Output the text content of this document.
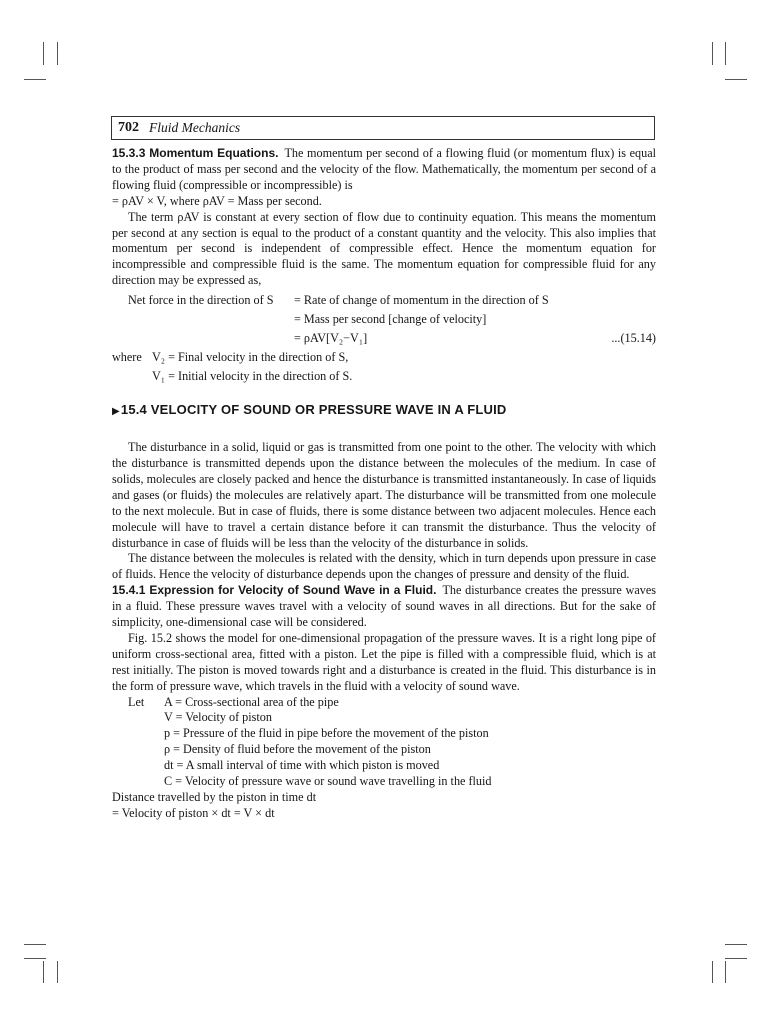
702 Fluid Mechanics

15.3.3 Momentum Equations. The momentum per second of a flowing fluid (or momentum flux) is equal to the product of mass per second and the velocity of the flow. Mathematically, the momentum per second of a flowing fluid (compressible or incompressible) is

= ρAV × V, where ρAV = Mass per second.

The term ρAV is constant at every section of flow due to continuity equation. This means the momentum per second at any section is equal to the product of a constant quantity and the velocity. This also implies that momentum per second is independent of compressible effect. Hence the momentum equation for incompressible and compressible fluid is the same. The momentum equation for compressible fluid for any direction may be expressed as,

Net force in the direction of S = Rate of change of momentum in the direction of S
= Mass per second [change of velocity]
= ρAV[V₂−V₁]	...(15.14)
where V₂ = Final velocity in the direction of S,
V₁ = Initial velocity in the direction of S.
▶15.4 VELOCITY OF SOUND OR PRESSURE WAVE IN A FLUID

The disturbance in a solid, liquid or gas is transmitted from one point to the other. The velocity with which the disturbance is transmitted depends upon the distance between the molecules of the medium. In case of solids, molecules are closely packed and hence the disturbance is transmitted instantaneously. In case of liquids and gases (or fluids) the molecules are relatively apart. The disturbance will be transmitted from one molecule to the next molecule. But in case of fluids, there is some distance between two adjacent molecules. Hence each molecule will have to travel a certain distance before it can transmit the disturbance. Thus the velocity of disturbance in case of fluids will be less than the velocity of the disturbance in solids.

The distance between the molecules is related with the density, which in turn depends upon pressure in case of fluids. Hence the velocity of disturbance depends upon the changes of pressure and density of the fluid.

15.4.1 Expression for Velocity of Sound Wave in a Fluid. The disturbance creates the pressure waves in a fluid. These pressure waves travel with a velocity of sound waves in all directions. But for the sake of simplicity, one-dimensional case will be considered.

Fig. 15.2 shows the model for one-dimensional propagation of the pressure waves. It is a right long pipe of uniform cross-sectional area, fitted with a piston. Let the pipe is filled with a compressible fluid, which is at rest initially. The piston is moved towards right and a disturbance is created in the fluid. This disturbance is in the form of pressure wave, which travels in the fluid with a velocity of sound wave.

Let A = Cross-sectional area of the pipe
V = Velocity of piston
p = Pressure of the fluid in pipe before the movement of the piston
ρ = Density of fluid before the movement of the piston
dt = A small interval of time with which piston is moved
C = Velocity of pressure wave or sound wave travelling in the fluid

Distance travelled by the piston in time dt

= Velocity of piston × dt = V × dt
